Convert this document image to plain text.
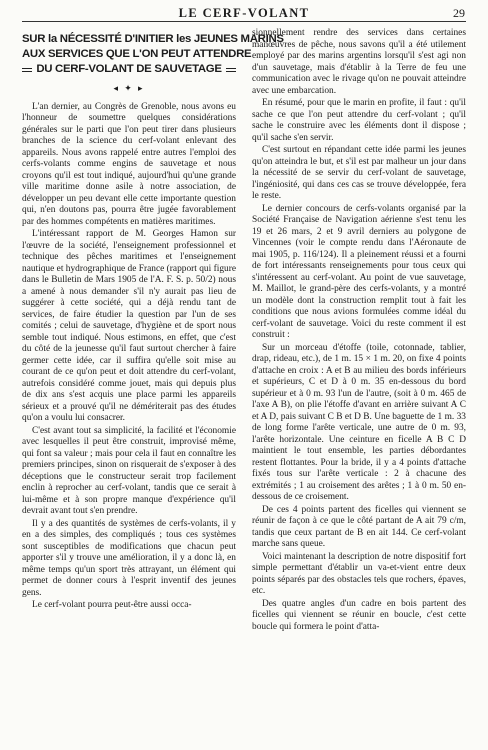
LE CERF-VOLANT	29
SUR la NÉCESSITÉ D'INITIER les JEUNES MARINS
AUX SERVICES QUE L'ON PEUT ATTENDRE
DU CERF-VOLANT DE SAUVETAGE
◂ ✦ ▸

L'an dernier, au Congrès de Grenoble, nous avons eu l'honneur de soumettre quelques considérations générales sur le parti que l'on peut tirer dans plusieurs branches de la science du cerf-volant enlevant des appareils. Nous avons rappelé entre autres l'emploi des cerfs-volants comme engins de sauvetage et nous croyons qu'il est tout indiqué, aujourd'hui qu'une grande ville maritime donne asile à notre association, de développer un peu devant elle cette importante question qui, n'en doutons pas, pourra être jugée favorablement par des hommes compétents en matières maritimes.

L'intéressant rapport de M. Georges Hamon sur l'œuvre de la société, l'enseignement professionnel et technique des pêches maritimes et l'enseignement nautique et hydrographique de France (rapport qui figure dans le Bulletin de Mars 1905 de l'A. F. S. p. 50/2) nous a amené à nous demander s'il n'y aurait pas lieu de suggérer à cette société, qui a déjà rendu tant de services, de faire étudier la question par l'un de ses comités ; celui de sauvetage, d'hygiène et de sport nous semble tout indiqué. Nous estimons, en effet, que c'est du côté de la jeunesse qu'il faut surtout chercher à faire germer cette idée, car il suffira qu'elle soit mise au courant de ce qu'on peut et doit attendre du cerf-volant, autrefois considéré comme jouet, mais qui depuis plus de dix ans s'est acquis une place parmi les appareils sérieux et a prouvé qu'il ne démériterait pas des études qu'on a voulu lui consacrer.

C'est avant tout sa simplicité, la facilité et l'économie avec lesquelles il peut être construit, improvisé même, qui font sa valeur ; mais pour cela il faut en connaître les premiers principes, sinon on risquerait de s'exposer à des déceptions que le constructeur serait trop facilement enclin à reprocher au cerf-volant, tandis que ce serait à lui-même et à son propre manque d'expérience qu'il devrait avant tout s'en prendre.

Il y a des quantités de systèmes de cerfs-volants, il y en a des simples, des compliqués ; tous ces systèmes sont susceptibles de modifications que chacun peut apporter s'il y trouve une amélioration, il y a donc là, en même temps qu'un sport très attrayant, un élément qui permet de donner cours à l'esprit inventif des jeunes gens.

Le cerf-volant pourra peut-être aussi occa-

sionnellement rendre des services dans certaines manœuvres de pêche, nous savons qu'il a été utilement employé par des marins argentins lorsqu'il s'est agi non d'un sauvetage, mais d'établir à la Terre de feu une communication avec le rivage qu'on ne pouvait atteindre avec une embarcation.

En résumé, pour que le marin en profite, il faut : qu'il sache ce que l'on peut attendre du cerf-volant ; qu'il sache le construire avec les éléments dont il dispose ; qu'il sache s'en servir.

C'est surtout en répandant cette idée parmi les jeunes qu'on atteindra le but, et s'il est par malheur un jour dans la nécessité de se servir du cerf-volant de sauvetage, l'ingéniosité, qui dans ces cas se trouve développée, fera le reste.

Le dernier concours de cerfs-volants organisé par la Société Française de Navigation aérienne s'est tenu les 19 et 26 mars, 2 et 9 avril derniers au polygone de Vincennes (voir le compte rendu dans l'Aéronaute de mai 1905, p. 116/124). Il a pleinement réussi et a fourni de fort intéressants renseignements pour tous ceux qui s'intéressent au cerf-volant. Au point de vue sauvetage, M. Maillot, le grand-père des cerfs-volants, y a montré un modèle dont la construction remplit tout à fait les conditions que nous avions formulées comme idéal du cerf-volant de sauvetage. Voici du reste comment il est construit :

Sur un morceau d'étoffe (toile, cotonnade, tablier, drap, rideau, etc.), de 1 m. 15 × 1 m. 20, on fixe 4 points d'attache en croix : A et B au milieu des bords inférieurs et supérieurs, C et D à 0 m. 35 en-dessous du bord supérieur et à 0 m. 93 l'un de l'autre, (soit à 0 m. 465 de l'axe A B), on plie l'étoffe d'avant en arrière suivant A C et A D, pais suivant C B et D B. Une baguette de 1 m. 33 de long forme l'arête verticale, une autre de 0 m. 93, l'arête horizontale. Une ceinture en ficelle A B C D maintient le tout ensemble, les parties débordantes restent flottantes. Pour la bride, il y a 4 points d'attache fixés tous sur l'arête verticale : 2 à chacune des extrémités ; 1 au croisement des arêtes ; 1 à 0 m. 50 en-dessous de ce croisement.

De ces 4 points partent des ficelles qui viennent se réunir de façon à ce que le côté partant de A ait 79 c/m, tandis que ceux partant de B en ait 144. Ce cerf-volant marche sans queue.

Voici maintenant la description de notre dispositif fort simple permettant d'établir un va-et-vient entre deux points séparés par des obstacles tels que rochers, épaves, etc.

Des quatre angles d'un cadre en bois partent des ficelles qui viennent se réunir en boucle, c'est cette boucle qui formera le point d'atta-
